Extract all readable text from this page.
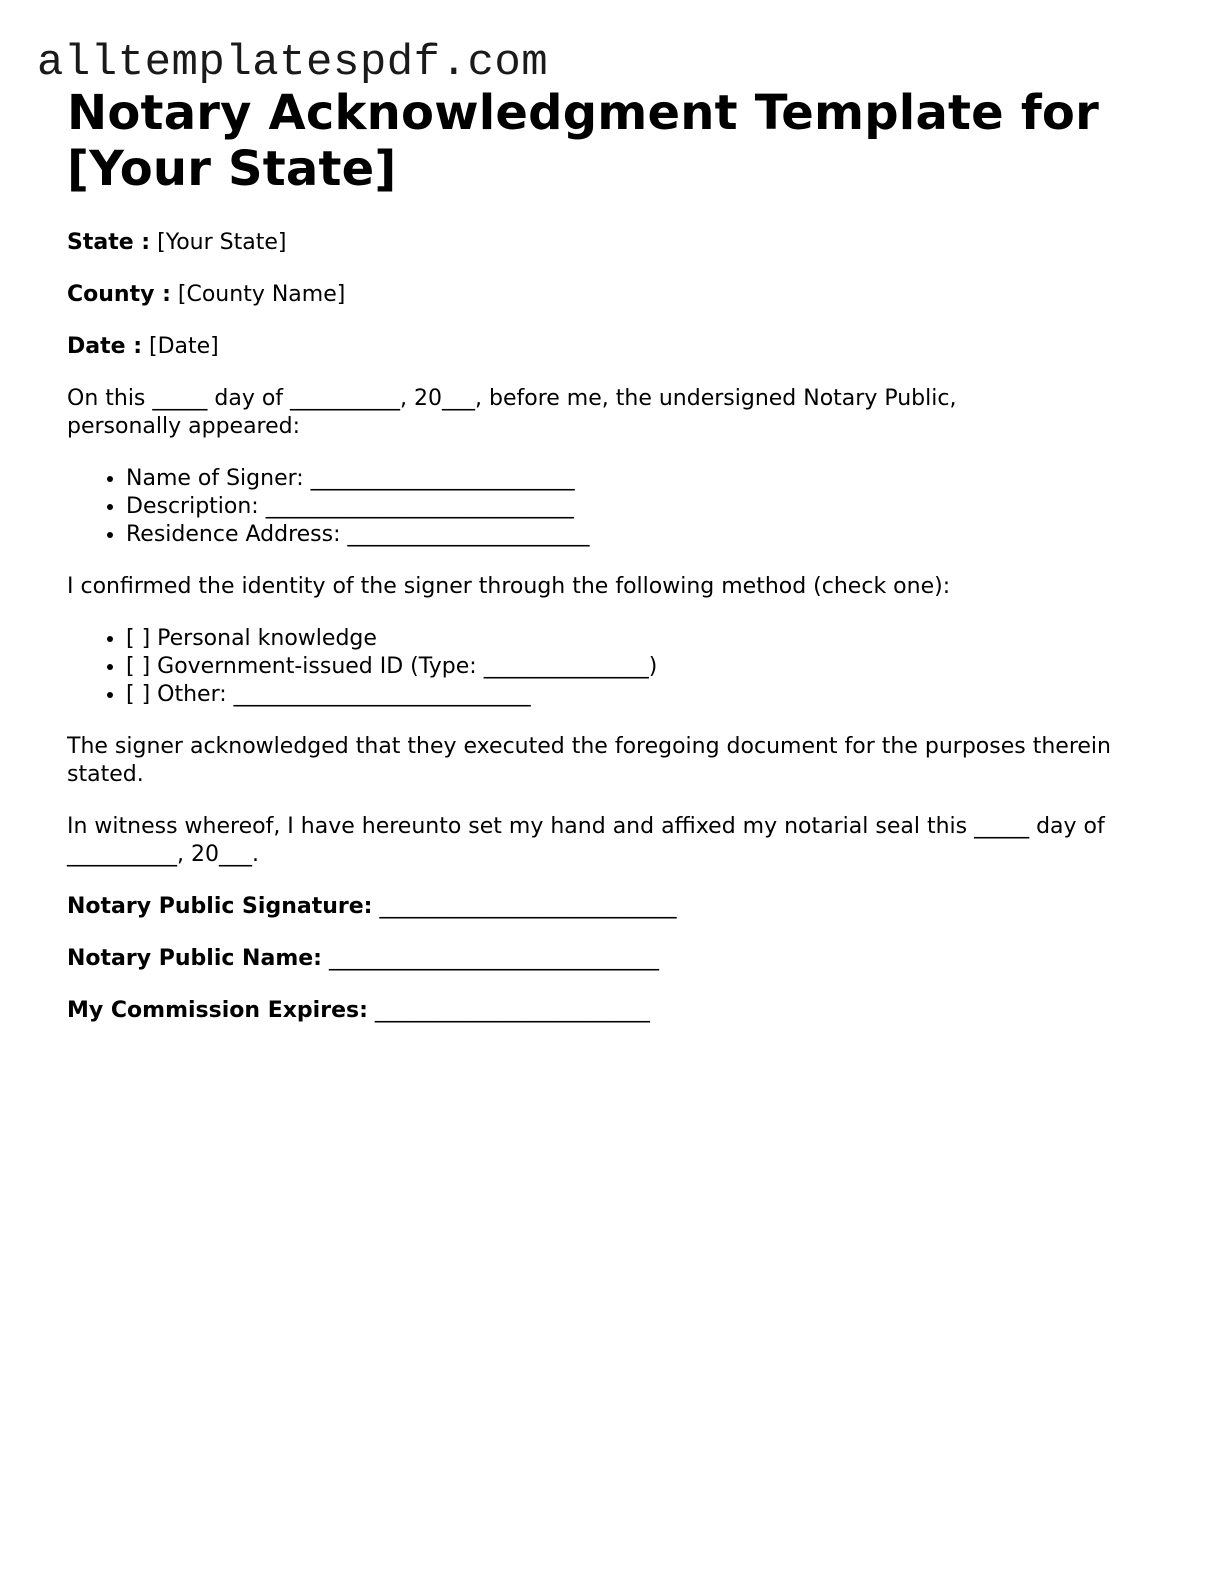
alltemplatespdf.com
Notary Acknowledgment Template for [Your State]
State : [Your State]
County : [County Name]
Date : [Date]

On this _____ day of __________, 20___, before me, the undersigned Notary Public, personally appeared:

• Name of Signer: ________________________
• Description: ____________________________
• Residence Address: ______________________

I confirmed the identity of the signer through the following method (check one):

• [ ] Personal knowledge
• [ ] Government-issued ID (Type: _______________)
• [ ] Other: ___________________________

The signer acknowledged that they executed the foregoing document for the purposes therein stated.

In witness whereof, I have hereunto set my hand and affixed my notarial seal this _____ day of __________, 20___.

Notary Public Signature: ___________________________
Notary Public Name: ______________________________
My Commission Expires: _________________________
